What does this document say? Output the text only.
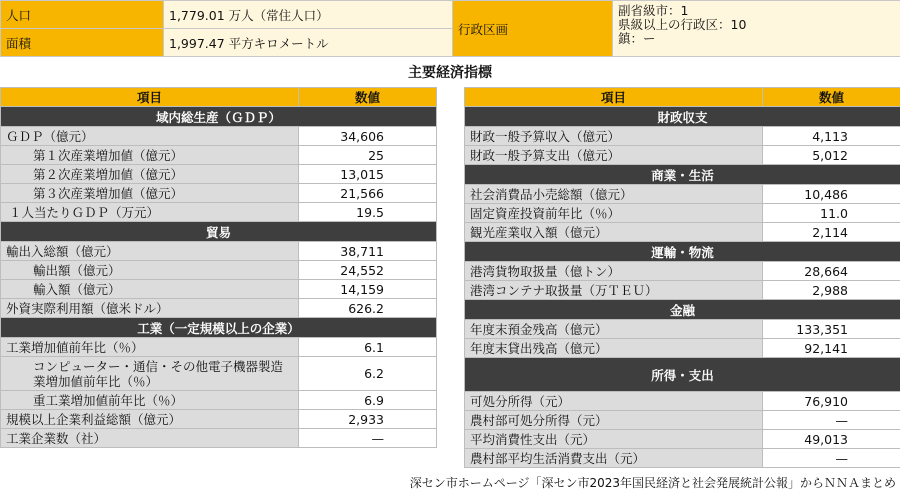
人口	1,779.01 万人（常住人口）	行政区画	副省級市：1
県級以上の行政区：10
鎮：ー

面積	1,997.47 平方キロメートル		
主要経済指標
項目	数値
域内総生産（ＧＤＰ）	
ＧＤＰ（億元）	34,606
第１次産業増加値（億元）	25
第２次産業増加値（億元）	13,015
第３次産業増加値（億元）	21,566
１人当たりＧＤＰ（万元）	19.5
貿易	
輸出入総額（億元）	38,711
輸出額（億元）	24,552
輸入額（億元）	14,159
外資実際利用額（億米ドル）	626.2
工業（一定規模以上の企業）	
工業増加値前年比（％）	6.1
コンピューター・通信・その他電子機器製造業増加値前年比（％）	6.2
重工業増加値前年比（％）	6.9
規模以上企業利益総額（億元）	2,933
工業企業数（社）	—
項目	数値
財政収支	
財政一般予算収入（億元）	4,113
財政一般予算支出（億元）	5,012
商業・生活	
社会消費品小売総額（億元）	10,486
固定資産投資前年比（％）	11.0
観光産業収入額（億元）	2,114
運輸・物流	
港湾貨物取扱量（億トン）	28,664
港湾コンテナ取扱量（万ＴＥＵ）	2,988
金融	
年度末預金残高（億元）	133,351
年度末貸出残高（億元）	92,141
所得・支出	
可処分所得（元）	76,910
農村部可処分所得（元）	—
平均消費性支出（元）	49,013
農村部平均生活消費支出（元）	—
深セン市ホームページ「深セン市2023年国民経済と社会発展統計公報」からＮＮＡまとめ
